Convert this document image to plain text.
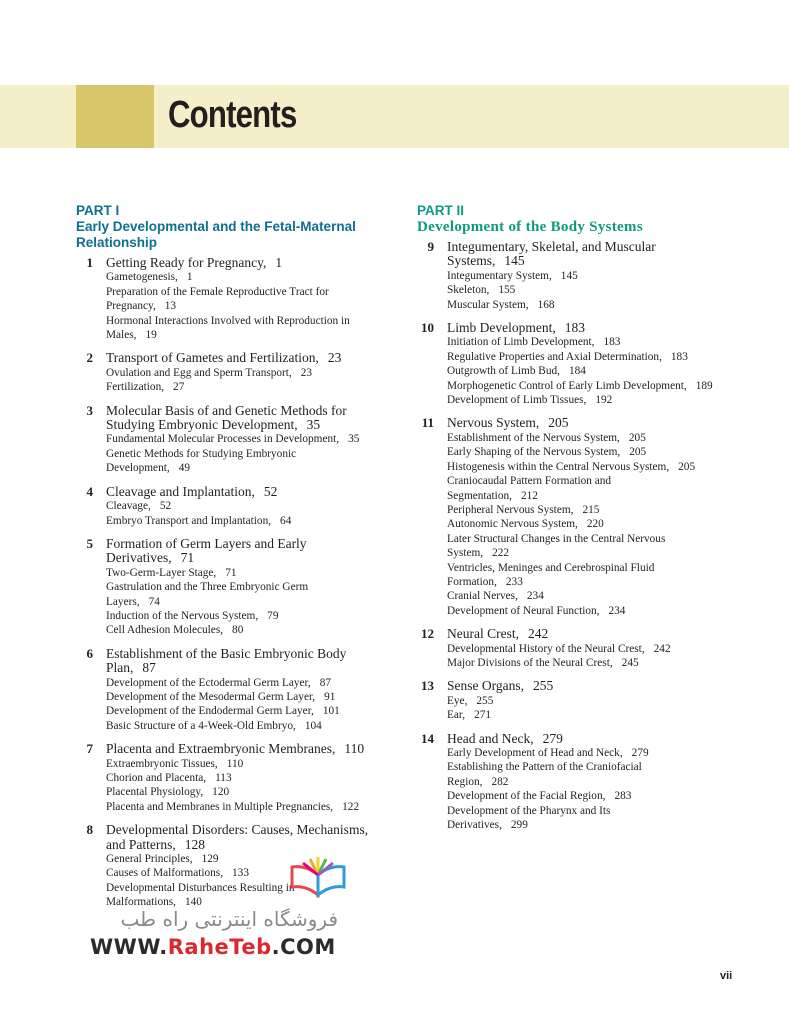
Contents
PART I
Early Developmental and the Fetal-Maternal
Relationship
PART II
Development of the Body Systems
1 Getting Ready for Pregnancy, 1
Gametogenesis, 1
Preparation of the Female Reproductive Tract for
Pregnancy, 13
Hormonal Interactions Involved with Reproduction in
Males, 19
2 Transport of Gametes and Fertilization, 23
Ovulation and Egg and Sperm Transport, 23
Fertilization, 27
3 Molecular Basis of and Genetic Methods for
Studying Embryonic Development, 35
Fundamental Molecular Processes in Development, 35
Genetic Methods for Studying Embryonic
Development, 49
4 Cleavage and Implantation, 52
Cleavage, 52
Embryo Transport and Implantation, 64
5 Formation of Germ Layers and Early
Derivatives, 71
Two-Germ-Layer Stage, 71
Gastrulation and the Three Embryonic Germ
Layers, 74
Induction of the Nervous System, 79
Cell Adhesion Molecules, 80
6 Establishment of the Basic Embryonic Body
Plan, 87
Development of the Ectodermal Germ Layer, 87
Development of the Mesodermal Germ Layer, 91
Development of the Endodermal Germ Layer, 101
Basic Structure of a 4-Week-Old Embryo, 104
7 Placenta and Extraembryonic Membranes, 110
Extraembryonic Tissues, 110
Chorion and Placenta, 113
Placental Physiology, 120
Placenta and Membranes in Multiple Pregnancies, 122
8 Developmental Disorders: Causes, Mechanisms,
and Patterns, 128
General Principles, 129
Causes of Malformations, 133
Developmental Disturbances Resulting in
Malformations, 140
9 Integumentary, Skeletal, and Muscular
Systems, 145
Integumentary System, 145
Skeleton, 155
Muscular System, 168
10 Limb Development, 183
Initiation of Limb Development, 183
Regulative Properties and Axial Determination, 183
Outgrowth of Limb Bud, 184
Morphogenetic Control of Early Limb Development, 189
Development of Limb Tissues, 192
11 Nervous System, 205
Establishment of the Nervous System, 205
Early Shaping of the Nervous System, 205
Histogenesis within the Central Nervous System, 205
Craniocaudal Pattern Formation and
Segmentation, 212
Peripheral Nervous System, 215
Autonomic Nervous System, 220
Later Structural Changes in the Central Nervous
System, 222
Ventricles, Meninges and Cerebrospinal Fluid
Formation, 233
Cranial Nerves, 234
Development of Neural Function, 234
12 Neural Crest, 242
Developmental History of the Neural Crest, 242
Major Divisions of the Neural Crest, 245
13 Sense Organs, 255
Eye, 255
Ear, 271
14 Head and Neck, 279
Early Development of Head and Neck, 279
Establishing the Pattern of the Craniofacial
Region, 282
Development of the Facial Region, 283
Development of the Pharynx and Its
Derivatives, 299
فروشگاه اینترنتی راه طب
WWW.RaheTeb.COM
vii
